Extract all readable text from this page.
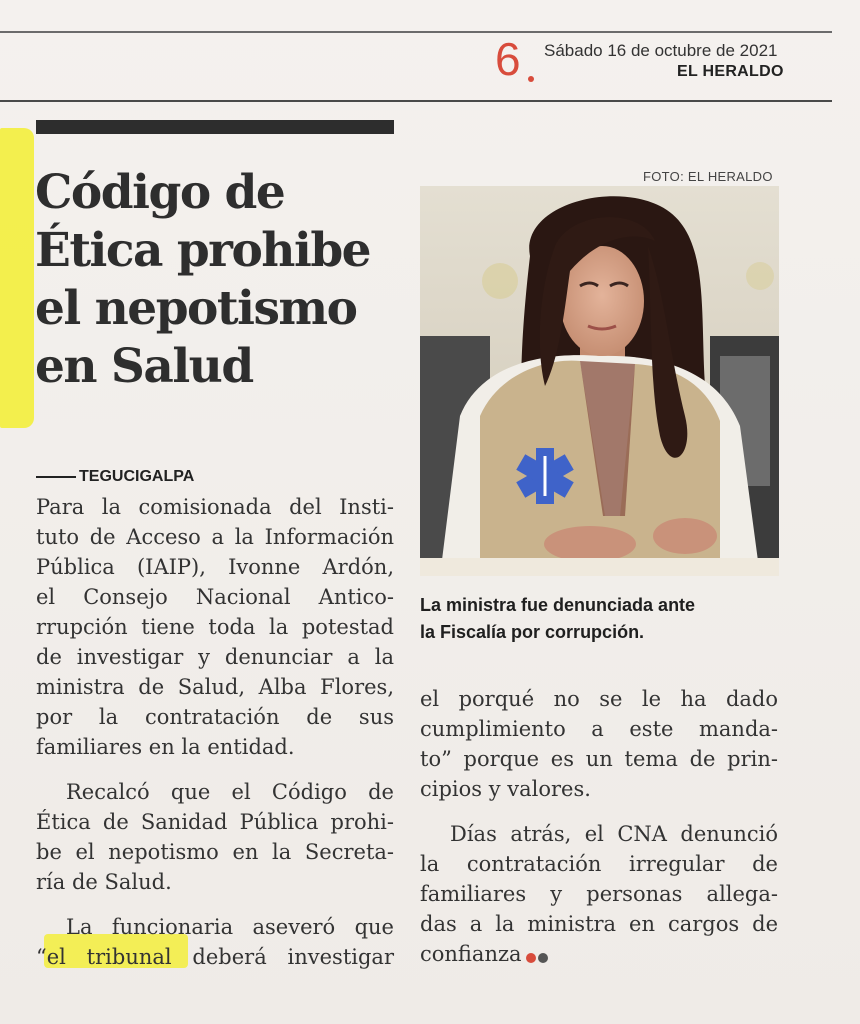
6 Sábado 16 de octubre de 2021
EL HERALDO
Código de
Ética prohibe
el nepotismo
en Salud
TEGUCIGALPA
Para la comisionada del Insti-
tuto de Acceso a la Información
Pública (IAIP), Ivonne Ardón,
el Consejo Nacional Antico-
rrupción tiene toda la potestad
de investigar y denunciar a la
ministra de Salud, Alba Flores,
por la contratación de sus
familiares en la entidad.
Recalcó que el Código de
Ética de Sanidad Pública prohi-
be el nepotismo en la Secreta-
ría de Salud.
La funcionaria aseveró que
“el tribunal deberá investigar
FOTO: EL HERALDO
La ministra fue denunciada ante
la Fiscalía por corrupción.
el porqué no se le ha dado
cumplimiento a este manda-
to” porque es un tema de prin-
cipios y valores.
Días atrás, el CNA denunció
la contratación irregular de
familiares y personas allega-
das a la ministra en cargos de
confianza
